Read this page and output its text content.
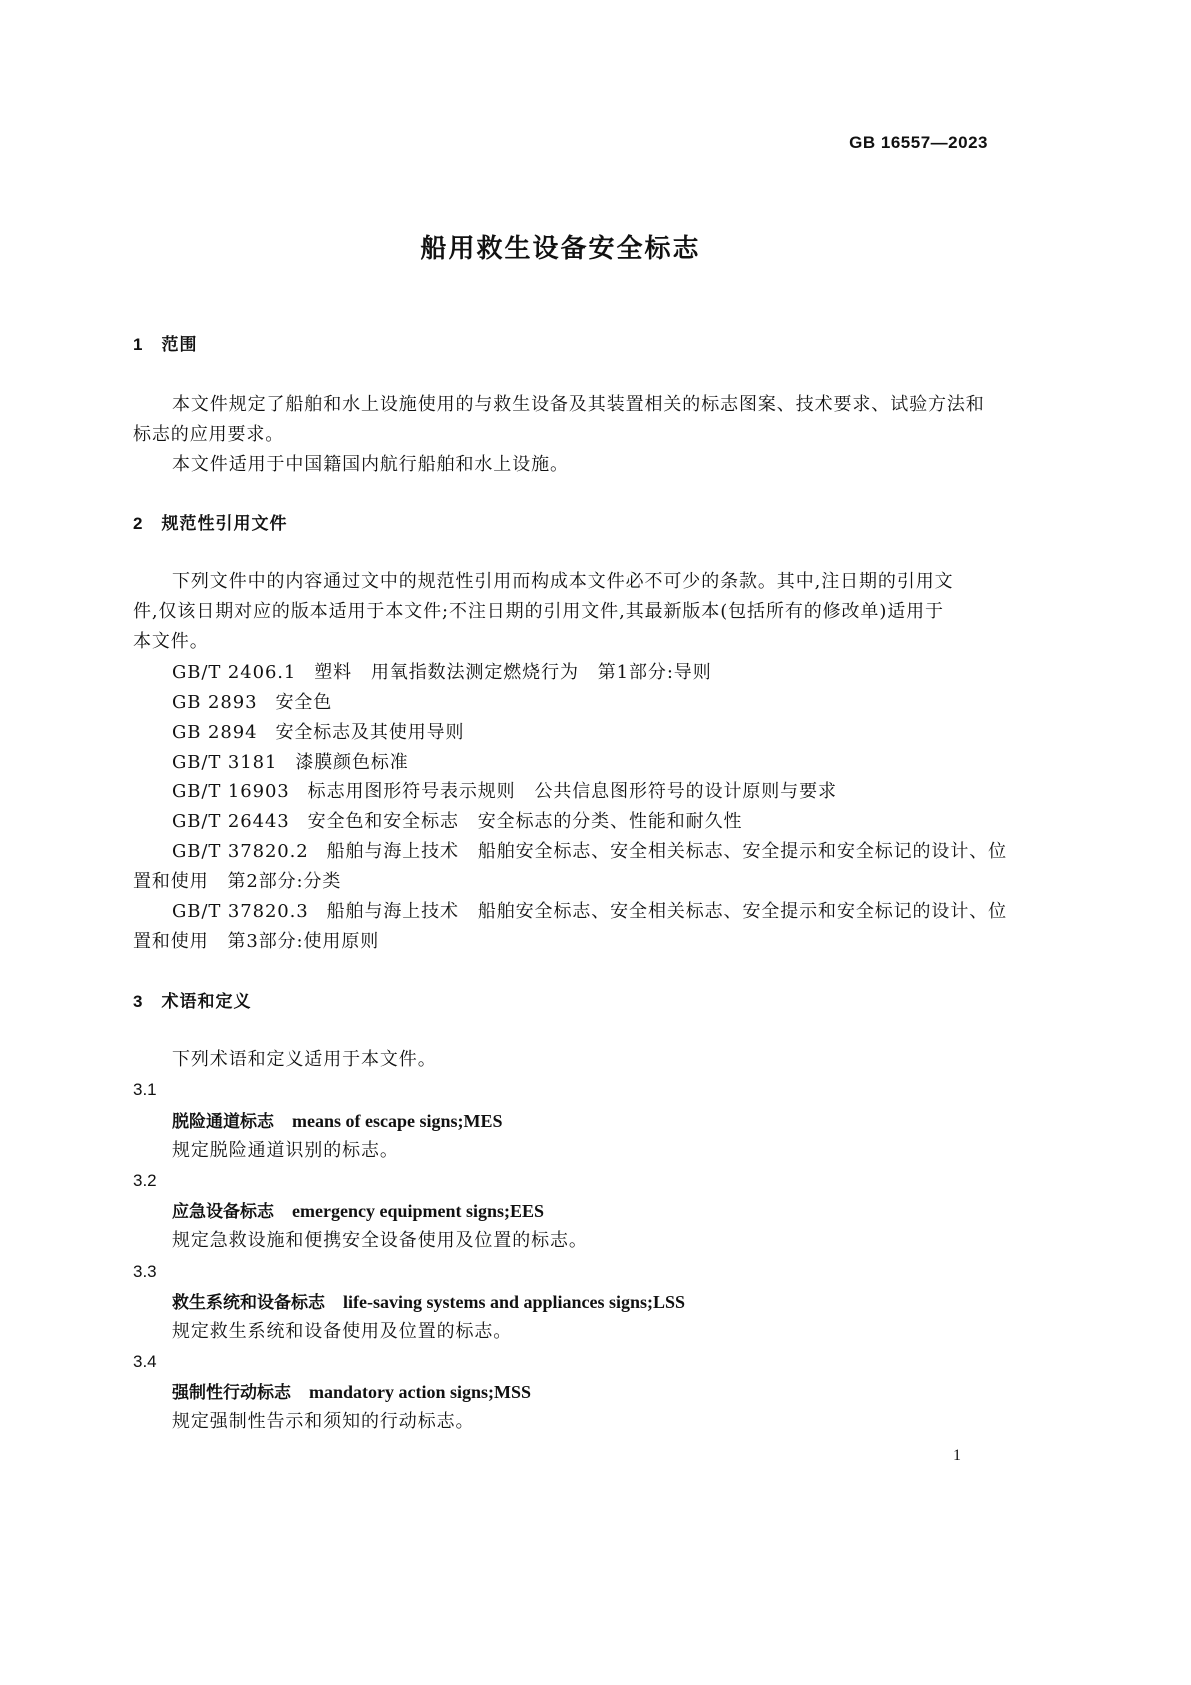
GB 16557—2023
船用救生设备安全标志
1 范围
本文件规定了船舶和水上设施使用的与救生设备及其装置相关的标志图案、技术要求、试验方法和
标志的应用要求。
本文件适用于中国籍国内航行船舶和水上设施。
2 规范性引用文件
下列文件中的内容通过文中的规范性引用而构成本文件必不可少的条款。其中,注日期的引用文
件,仅该日期对应的版本适用于本文件;不注日期的引用文件,其最新版本(包括所有的修改单)适用于
本文件。
GB/T 2406.1 塑料　用氧指数法测定燃烧行为　第1部分:导则
GB 2893 安全色
GB 2894 安全标志及其使用导则
GB/T 3181 漆膜颜色标准
GB/T 16903 标志用图形符号表示规则　公共信息图形符号的设计原则与要求
GB/T 26443 安全色和安全标志　安全标志的分类、性能和耐久性
GB/T 37820.2 船舶与海上技术　船舶安全标志、安全相关标志、安全提示和安全标记的设计、位
置和使用　第2部分:分类
GB/T 37820.3 船舶与海上技术　船舶安全标志、安全相关标志、安全提示和安全标记的设计、位
置和使用　第3部分:使用原则
3 术语和定义
下列术语和定义适用于本文件。
3.1
脱险通道标志 means of escape signs;MES
规定脱险通道识别的标志。
3.2
应急设备标志 emergency equipment signs;EES
规定急救设施和便携安全设备使用及位置的标志。
3.3
救生系统和设备标志 life-saving systems and appliances signs;LSS
规定救生系统和设备使用及位置的标志。
3.4
强制性行动标志 mandatory action signs;MSS
规定强制性告示和须知的行动标志。
1
